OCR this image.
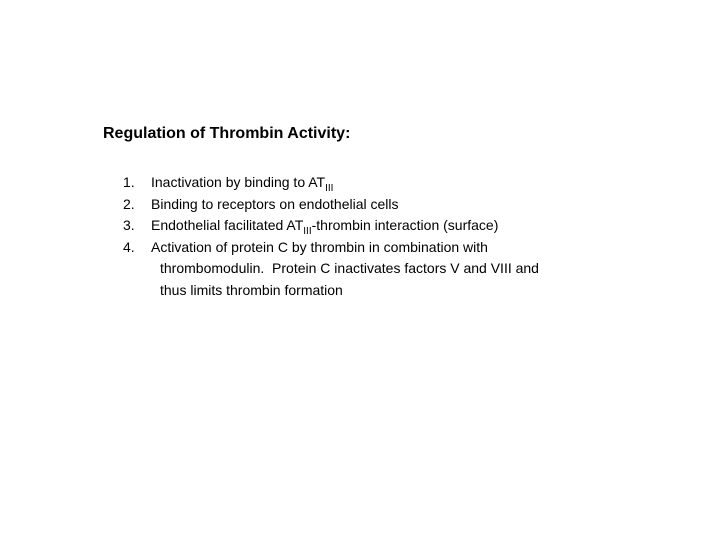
Regulation of Thrombin Activity:
1. Inactivation by binding to $AT_{III}$
2. Binding to receptors on endothelial cells
3. Endothelial facilitated $AT_{III}$-thrombin interaction (surface)
4. Activation of protein C by thrombin in combination with
thrombomodulin.  Protein C inactivates factors V and VIII and
thus limits thrombin formation
